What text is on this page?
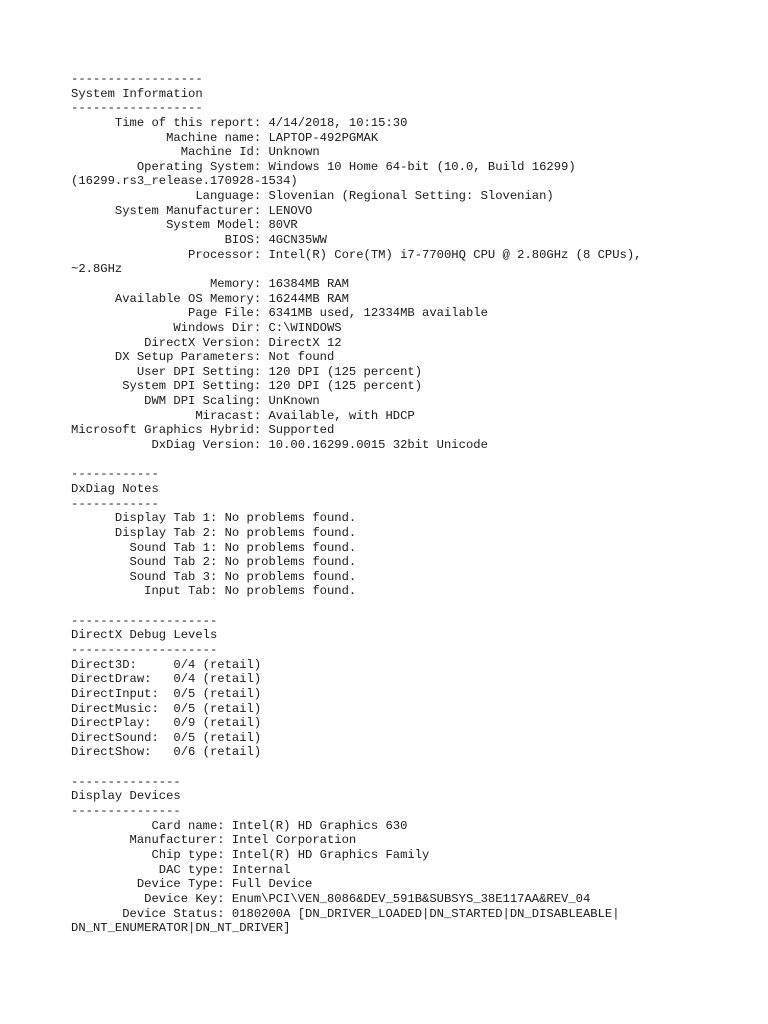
------------------
System Information
------------------
Time of this report: 4/14/2018, 10:15:30
Machine name: LAPTOP-492PGMAK
Machine Id: Unknown
Operating System: Windows 10 Home 64-bit (10.0, Build 16299)
(16299.rs3_release.170928-1534)
Language: Slovenian (Regional Setting: Slovenian)
System Manufacturer: LENOVO
System Model: 80VR
BIOS: 4GCN35WW
Processor: Intel(R) Core(TM) i7-7700HQ CPU @ 2.80GHz (8 CPUs),
~2.8GHz
Memory: 16384MB RAM
Available OS Memory: 16244MB RAM
Page File: 6341MB used, 12334MB available
Windows Dir: C:\WINDOWS
DirectX Version: DirectX 12
DX Setup Parameters: Not found
User DPI Setting: 120 DPI (125 percent)
System DPI Setting: 120 DPI (125 percent)
DWM DPI Scaling: UnKnown
Miracast: Available, with HDCP
Microsoft Graphics Hybrid: Supported
DxDiag Version: 10.00.16299.0015 32bit Unicode
------------
DxDiag Notes
------------
Display Tab 1: No problems found.
Display Tab 2: No problems found.
Sound Tab 1: No problems found.
Sound Tab 2: No problems found.
Sound Tab 3: No problems found.
Input Tab: No problems found.
--------------------
DirectX Debug Levels
--------------------
Direct3D:     0/4 (retail)
DirectDraw:   0/4 (retail)
DirectInput:  0/5 (retail)
DirectMusic:  0/5 (retail)
DirectPlay:   0/9 (retail)
DirectSound:  0/5 (retail)
DirectShow:   0/6 (retail)
---------------
Display Devices
---------------
Card name: Intel(R) HD Graphics 630
Manufacturer: Intel Corporation
Chip type: Intel(R) HD Graphics Family
DAC type: Internal
Device Type: Full Device
Device Key: Enum\PCI\VEN_8086&DEV_591B&SUBSYS_38E117AA&REV_04
Device Status: 0180200A [DN_DRIVER_LOADED|DN_STARTED|DN_DISABLEABLE|
DN_NT_ENUMERATOR|DN_NT_DRIVER]
